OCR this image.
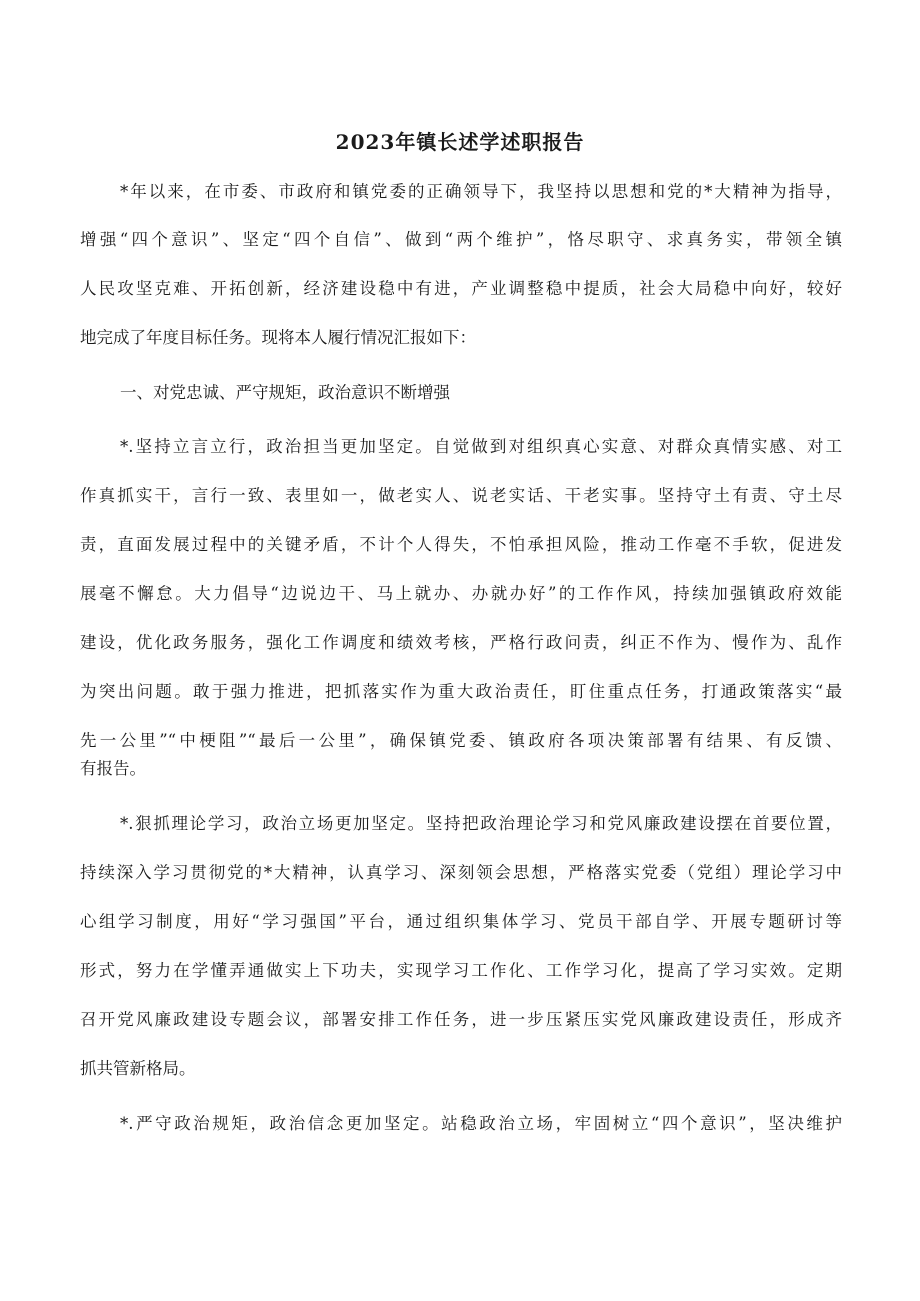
2023年镇长述学述职报告
*年以来，在市委、市政府和镇党委的正确领导下，我坚持以思想和党的*大精神为指导，
增强“四个意识”、坚定“四个自信”、做到“两个维护”，恪尽职守、求真务实，带领全镇
人民攻坚克难、开拓创新，经济建设稳中有进，产业调整稳中提质，社会大局稳中向好，较好
地完成了年度目标任务。现将本人履行情况汇报如下：
一、对党忠诚、严守规矩，政治意识不断增强
*.坚持立言立行，政治担当更加坚定。自觉做到对组织真心实意、对群众真情实感、对工
作真抓实干，言行一致、表里如一，做老实人、说老实话、干老实事。坚持守土有责、守土尽
责，直面发展过程中的关键矛盾，不计个人得失，不怕承担风险，推动工作毫不手软，促进发
展毫不懈怠。大力倡导“边说边干、马上就办、办就办好”的工作作风，持续加强镇政府效能
建设，优化政务服务，强化工作调度和绩效考核，严格行政问责，纠正不作为、慢作为、乱作
为突出问题。敢于强力推进，把抓落实作为重大政治责任，盯住重点任务，打通政策落实“最
先一公里”“中梗阻”“最后一公里”，确保镇党委、镇政府各项决策部署有结果、有反馈、
有报告。
*.狠抓理论学习，政治立场更加坚定。坚持把政治理论学习和党风廉政建设摆在首要位置，
持续深入学习贯彻党的*大精神，认真学习、深刻领会思想，严格落实党委（党组）理论学习中
心组学习制度，用好“学习强国”平台，通过组织集体学习、党员干部自学、开展专题研讨等
形式，努力在学懂弄通做实上下功夫，实现学习工作化、工作学习化，提高了学习实效。定期
召开党风廉政建设专题会议，部署安排工作任务，进一步压紧压实党风廉政建设责任，形成齐
抓共管新格局。
*.严守政治规矩，政治信念更加坚定。站稳政治立场，牢固树立“四个意识”，坚决维护
